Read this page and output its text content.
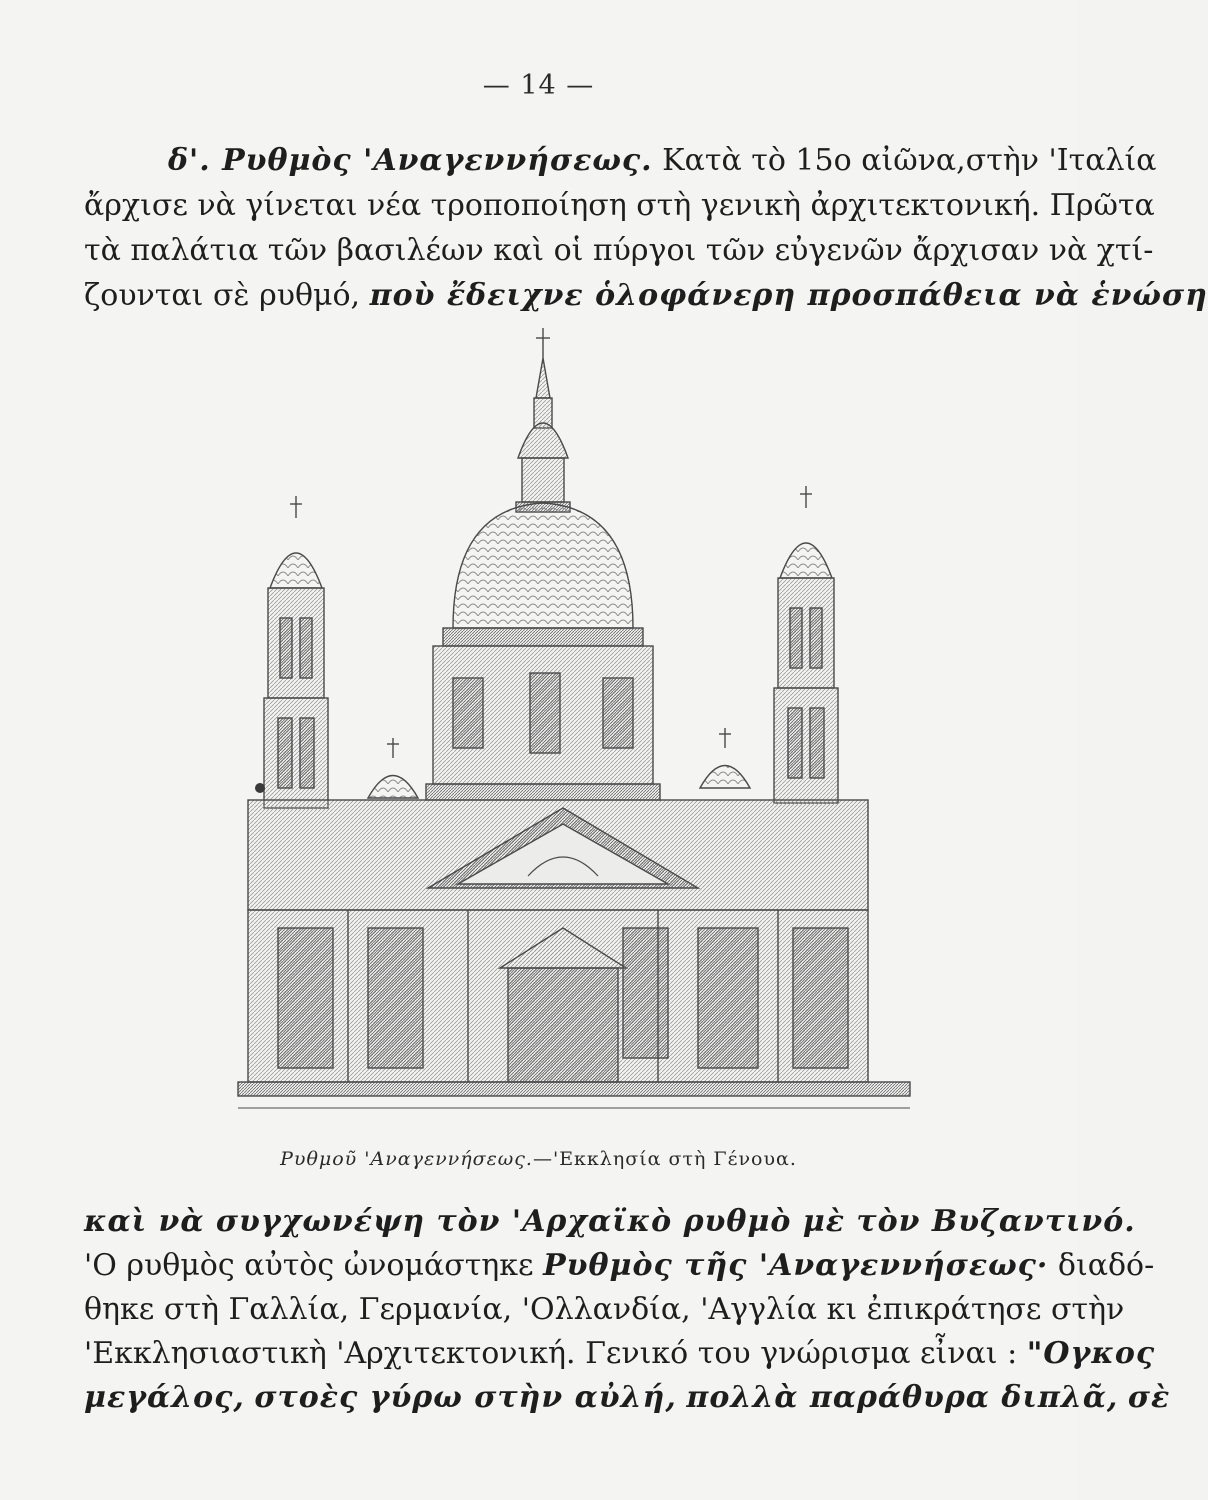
— 14 —
δ'. Ρυθμὸς 'Αναγεννήσεως. Κατὰ τὸ 15ο αἰῶνα,στὴν 'Ιταλία
ἄρχισε νὰ γίνεται νέα τροποποίηση στὴ γενικὴ ἀρχιτεκτονική. Πρῶτα
τὰ παλάτια τῶν βασιλέων καὶ οἱ πύργοι τῶν εὐγενῶν ἄρχισαν νὰ χτί-
ζουνται σὲ ρυθμό, ποὺ ἔδειχνε ὁλοφάνερη προσπάθεια νὰ ἑνώση
Ρυθμοῦ 'Αναγεννήσεως.—'Εκκλησία στὴ Γένουα.
καὶ νὰ συγχωνέψη τὸν 'Αρχαϊκὸ ρυθμὸ μὲ τὸν Βυζαντινό.
'Ο ρυθμὸς αὐτὸς ὠνομάστηκε Ρυθμὸς τῆς 'Αναγεννήσεως· διαδό-
θηκε στὴ Γαλλία, Γερμανία, 'Ολλανδία, 'Αγγλία κι ἐπικράτησε στὴν
'Εκκλησιαστικὴ 'Αρχιτεκτονική. Γενικό του γνώρισμα εἶναι : "Ογκος
μεγάλος, στοὲς γύρω στὴν αὐλή, πολλὰ παράθυρα διπλᾶ, σὲ
